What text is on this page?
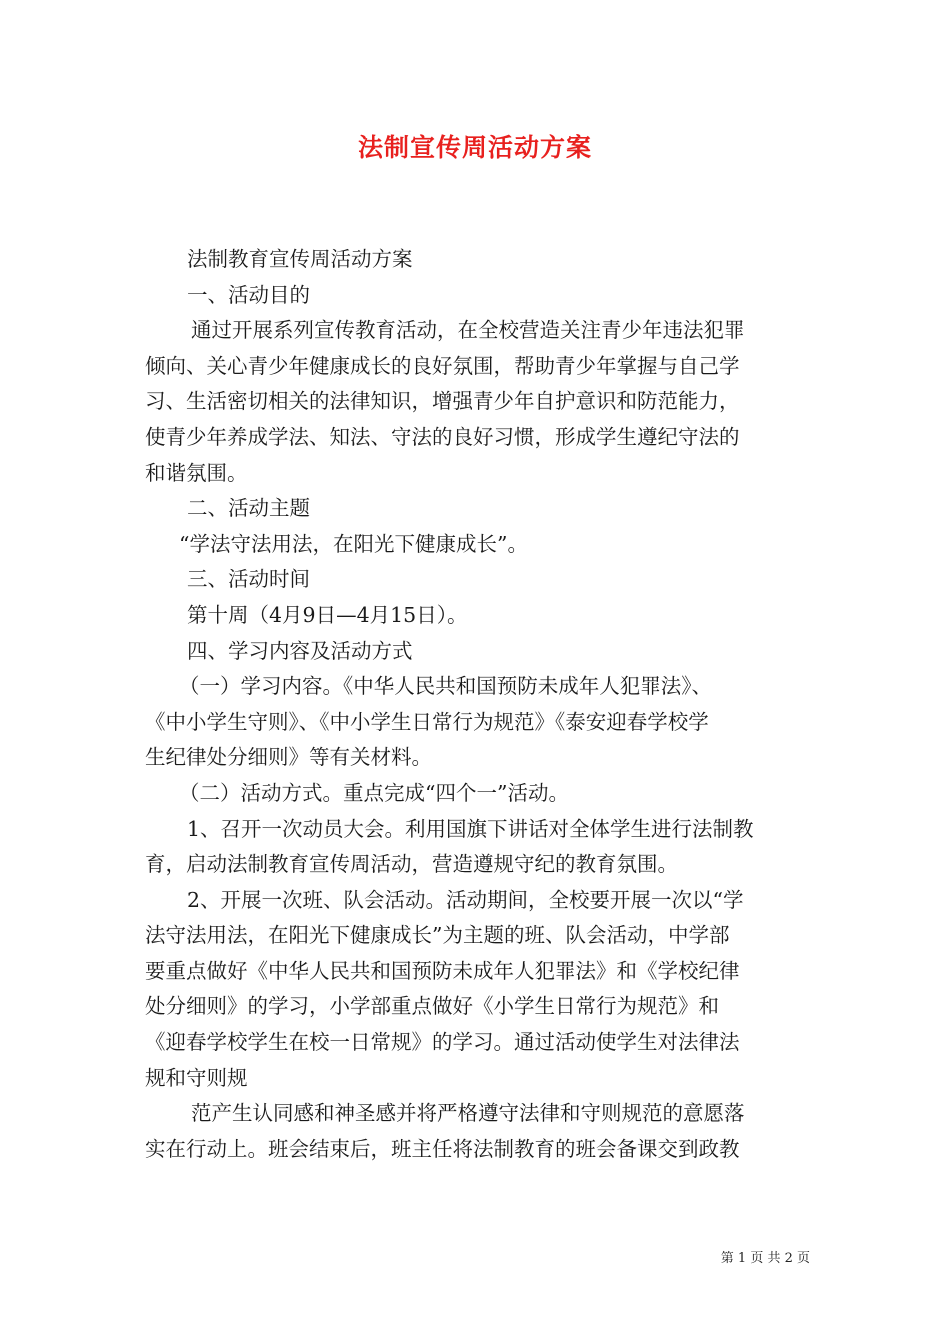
法制宣传周活动方案

法制教育宣传周活动方案

一、活动目的

通过开展系列宣传教育活动，在全校营造关注青少年违法犯罪

倾向、关心青少年健康成长的良好氛围，帮助青少年掌握与自己学

习、生活密切相关的法律知识，增强青少年自护意识和防范能力，

使青少年养成学法、知法、守法的良好习惯，形成学生遵纪守法的

和谐氛围。

二、活动主题

“学法守法用法，在阳光下健康成长”。

三、活动时间

第十周（4月9日—4月15日）。

四、学习内容及活动方式

（一）学习内容。《中华人民共和国预防未成年人犯罪法》、

《中小学生守则》、《中小学生日常行为规范》《泰安迎春学校学

生纪律处分细则》等有关材料。

（二）活动方式。重点完成“四个一”活动。

1、召开一次动员大会。利用国旗下讲话对全体学生进行法制教

育，启动法制教育宣传周活动，营造遵规守纪的教育氛围。

2、开展一次班、队会活动。活动期间，全校要开展一次以“学

法守法用法，在阳光下健康成长”为主题的班、队会活动，中学部

要重点做好《中华人民共和国预防未成年人犯罪法》和《学校纪律

处分细则》的学习，小学部重点做好《小学生日常行为规范》和

《迎春学校学生在校一日常规》的学习。通过活动使学生对法律法

规和守则规

范产生认同感和神圣感并将严格遵守法律和守则规范的意愿落

实在行动上。班会结束后，班主任将法制教育的班会备课交到政教

第 1 页 共 2 页
